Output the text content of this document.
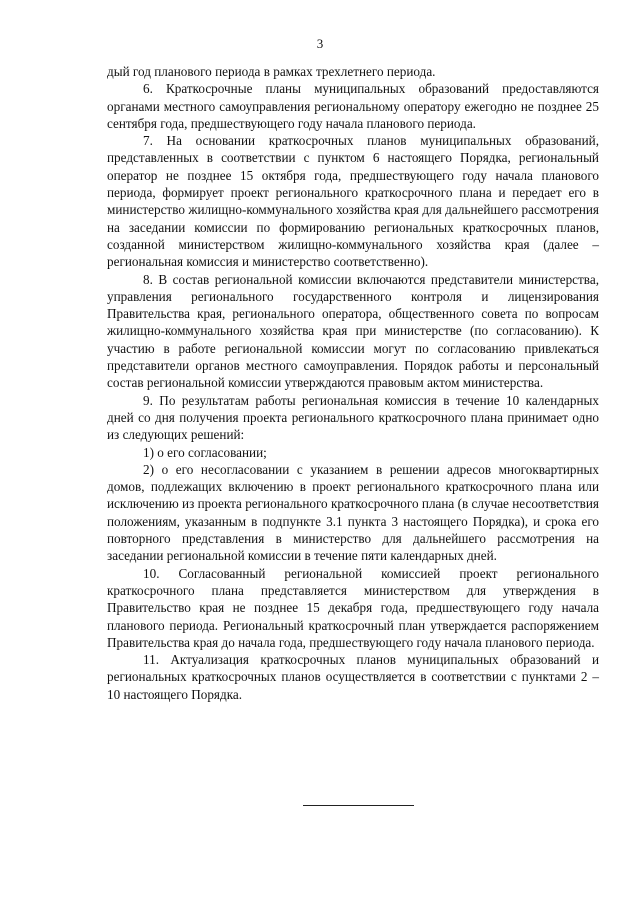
3

дый год планового периода в рамках трехлетнего периода.

6. Краткосрочные планы муниципальных образований предоставляются органами местного самоуправления региональному оператору ежегодно не позднее 25 сентября года, предшествующего году начала планового периода.

7. На основании краткосрочных планов муниципальных образований, представленных в соответствии с пунктом 6 настоящего Порядка, региональный оператор не позднее 15 октября года, предшествующего году начала планового периода, формирует проект регионального краткосрочного плана и передает его в министерство жилищно-коммунального хозяйства края для дальнейшего рассмотрения на заседании комиссии по формированию региональных краткосрочных планов, созданной министерством жилищно-коммунального хозяйства края (далее – региональная комиссия и министерство соответственно).

8. В состав региональной комиссии включаются представители министерства, управления регионального государственного контроля и лицензирования Правительства края, регионального оператора, общественного совета по вопросам жилищно-коммунального хозяйства края при министерстве (по согласованию). К участию в работе региональной комиссии могут по согласованию привлекаться представители органов местного самоуправления. Порядок работы и персональный состав региональной комиссии утверждаются правовым актом министерства.

9. По результатам работы региональная комиссия в течение 10 календарных дней со дня получения проекта регионального краткосрочного плана принимает одно из следующих решений:

1) о его согласовании;

2) о его несогласовании с указанием в решении адресов многоквартирных домов, подлежащих включению в проект регионального краткосрочного плана или исключению из проекта регионального краткосрочного плана (в случае несоответствия положениям, указанным в подпункте 3.1 пункта 3 настоящего Порядка), и срока его повторного представления в министерство для дальнейшего рассмотрения на заседании региональной комиссии в течение пяти календарных дней.

10. Согласованный региональной комиссией проект регионального краткосрочного плана представляется министерством для утверждения в Правительство края не позднее 15 декабря года, предшествующего году начала планового периода. Региональный краткосрочный план утверждается распоряжением Правительства края до начала года, предшествующего году начала планового периода.

11. Актуализация краткосрочных планов муниципальных образований и региональных краткосрочных планов осуществляется в соответствии с пунктами 2 – 10 настоящего Порядка.
